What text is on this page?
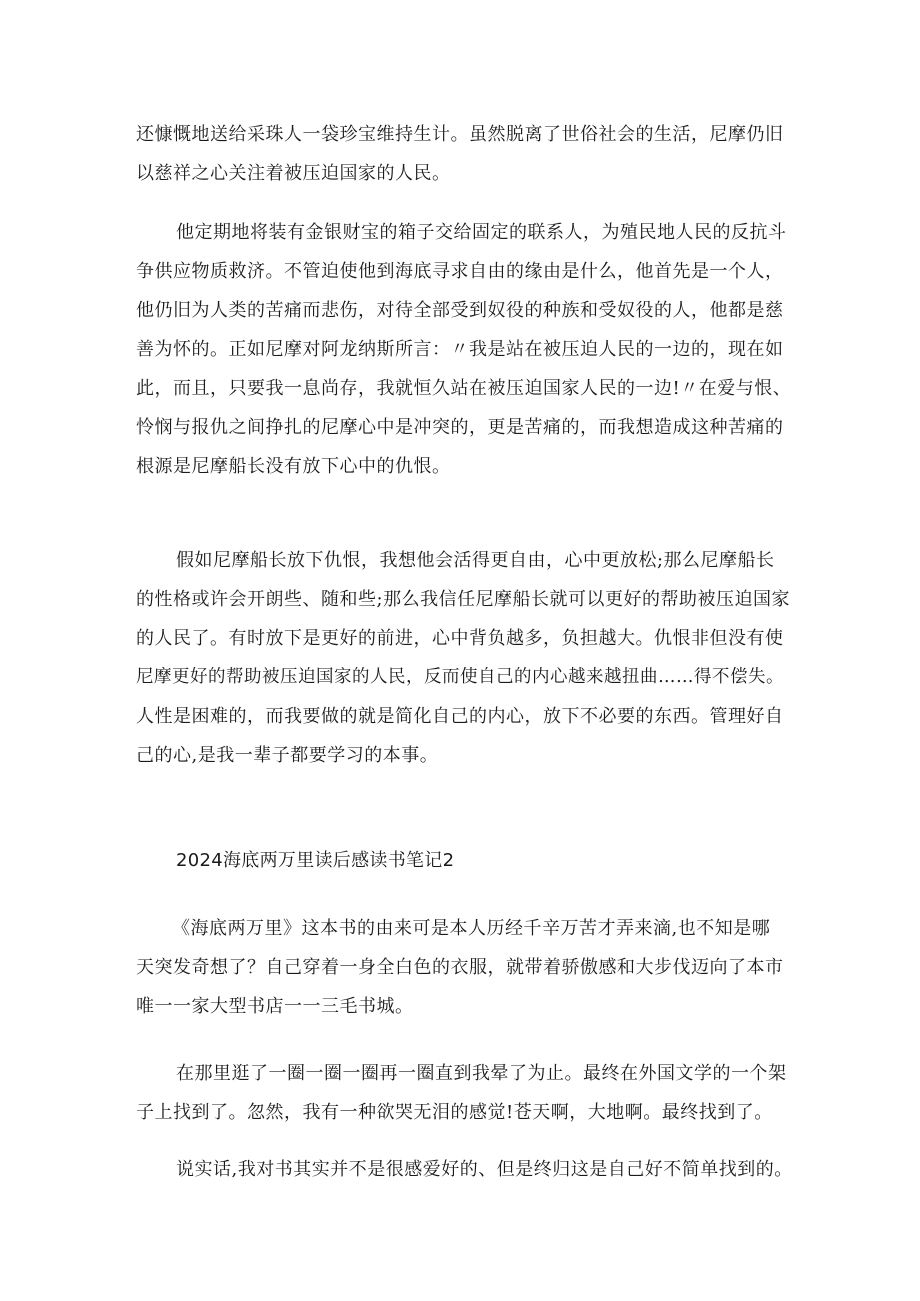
还慷慨地送给采珠人一袋珍宝维持生计。虽然脱离了世俗社会的生活，尼摩仍旧
以慈祥之心关注着被压迫国家的人民。

他定期地将装有金银财宝的箱子交给固定的联系人，为殖民地人民的反抗斗
争供应物质救济。不管迫使他到海底寻求自由的缘由是什么，他首先是一个人，
他仍旧为人类的苦痛而悲伤，对待全部受到奴役的种族和受奴役的人，他都是慈
善为怀的。正如尼摩对阿龙纳斯所言：〃我是站在被压迫人民的一边的，现在如
此，而且，只要我一息尚存，我就恒久站在被压迫国家人民的一边!〃在爱与恨、
怜悯与报仇之间挣扎的尼摩心中是冲突的，更是苦痛的，而我想造成这种苦痛的
根源是尼摩船长没有放下心中的仇恨。

假如尼摩船长放下仇恨，我想他会活得更自由，心中更放松;那么尼摩船长
的性格或许会开朗些、随和些;那么我信任尼摩船长就可以更好的帮助被压迫国家
的人民了。有时放下是更好的前进，心中背负越多，负担越大。仇恨非但没有使
尼摩更好的帮助被压迫国家的人民，反而使自己的内心越来越扭曲……得不偿失。
人性是困难的，而我要做的就是简化自己的内心，放下不必要的东西。管理好自
己的心,是我一辈子都要学习的本事。

2024海底两万里读后感读书笔记2

《海底两万里》这本书的由来可是本人历经千辛万苦才弄来滴,也不知是哪
天突发奇想了？自己穿着一身全白色的衣服，就带着骄傲感和大步伐迈向了本市
唯一一家大型书店一一三毛书城。

在那里逛了一圈一圈一圈再一圈直到我晕了为止。最终在外国文学的一个架
子上找到了。忽然，我有一种欲哭无泪的感觉!苍天啊，大地啊。最终找到了。

说实话,我对书其实并不是很感爱好的、但是终归这是自己好不简单找到的。
